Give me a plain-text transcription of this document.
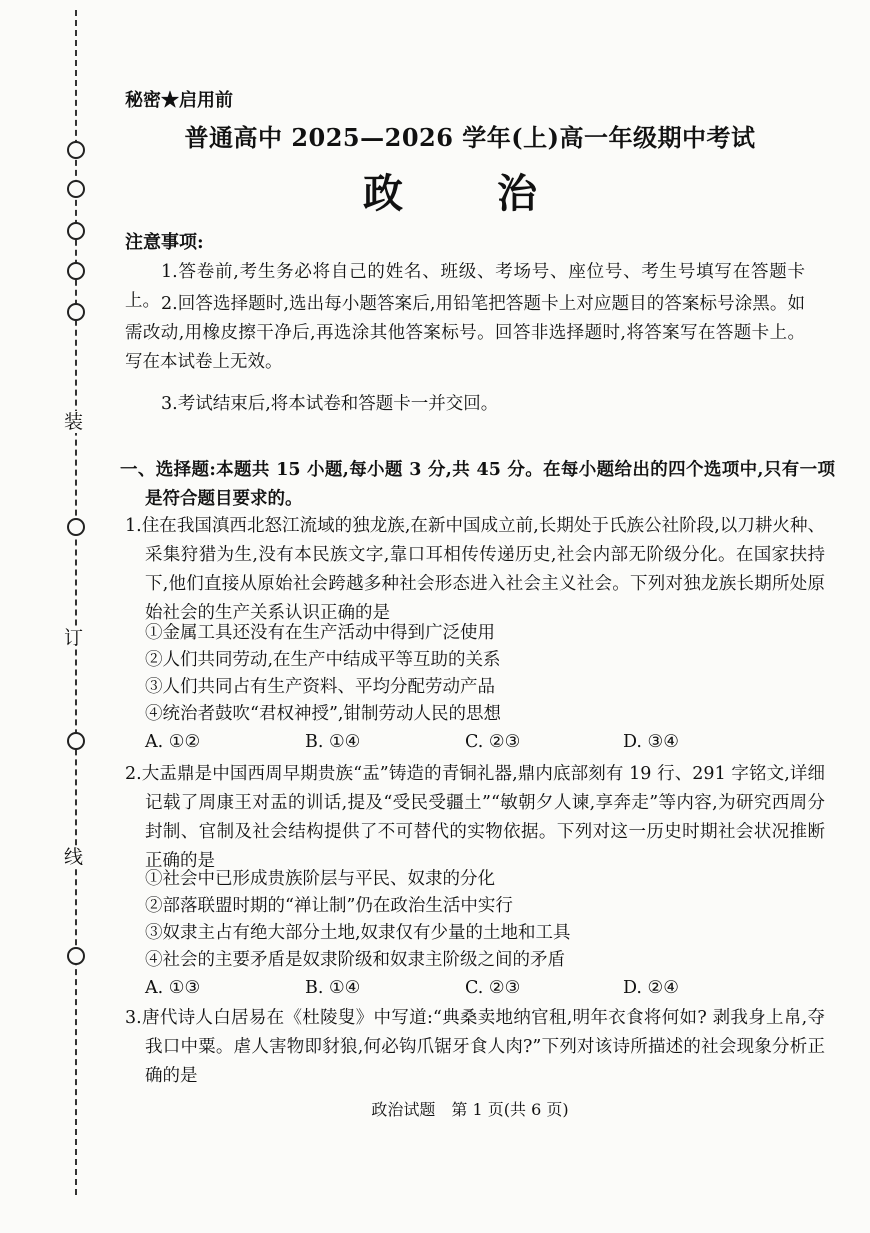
装
订
线
秘密★启用前
普通高中 2025—2026 学年(上)高一年级期中考试
政 治
注意事项:
1.答卷前,考生务必将自己的姓名、班级、考场号、座位号、考生号填写在答题卡上。 2.回答选择题时,选出每小题答案后,用铅笔把答题卡上对应题目的答案标号涂黑。如需改动,用橡皮擦干净后,再选涂其他答案标号。回答非选择题时,将答案写在答题卡上。写在本试卷上无效。
3.考试结束后,将本试卷和答题卡一并交回。
一、选择题:本题共 15 小题,每小题 3 分,共 45 分。在每小题给出的四个选项中,只有一项是符合题目要求的。
1.住在我国滇西北怒江流域的独龙族,在新中国成立前,长期处于氏族公社阶段,以刀耕火种、采集狩猎为生,没有本民族文字,靠口耳相传传递历史,社会内部无阶级分化。在国家扶持下,他们直接从原始社会跨越多种社会形态进入社会主义社会。下列对独龙族长期所处原始社会的生产关系认识正确的是
①金属工具还没有在生产活动中得到广泛使用
②人们共同劳动,在生产中结成平等互助的关系
③人们共同占有生产资料、平均分配劳动产品
④统治者鼓吹“君权神授”,钳制劳动人民的思想
A. ①②	B. ①④	C. ②③	D. ③④
2.大盂鼎是中国西周早期贵族“盂”铸造的青铜礼器,鼎内底部刻有 19 行、291 字铭文,详细记载了周康王对盂的训话,提及“受民受疆土”“敏朝夕人谏,享奔走”等内容,为研究西周分封制、官制及社会结构提供了不可替代的实物依据。下列对这一历史时期社会状况推断正确的是
①社会中已形成贵族阶层与平民、奴隶的分化
②部落联盟时期的“禅让制”仍在政治生活中实行
③奴隶主占有绝大部分土地,奴隶仅有少量的土地和工具
④社会的主要矛盾是奴隶阶级和奴隶主阶级之间的矛盾
A. ①③	B. ①④	C. ②③	D. ②④
3.唐代诗人白居易在《杜陵叟》中写道:“典桑卖地纳官租,明年衣食将何如? 剥我身上帛,夺我口中粟。虐人害物即豺狼,何必钩爪锯牙食人肉?”下列对该诗所描述的社会现象分析正确的是
政治试题　第 1 页(共 6 页)
